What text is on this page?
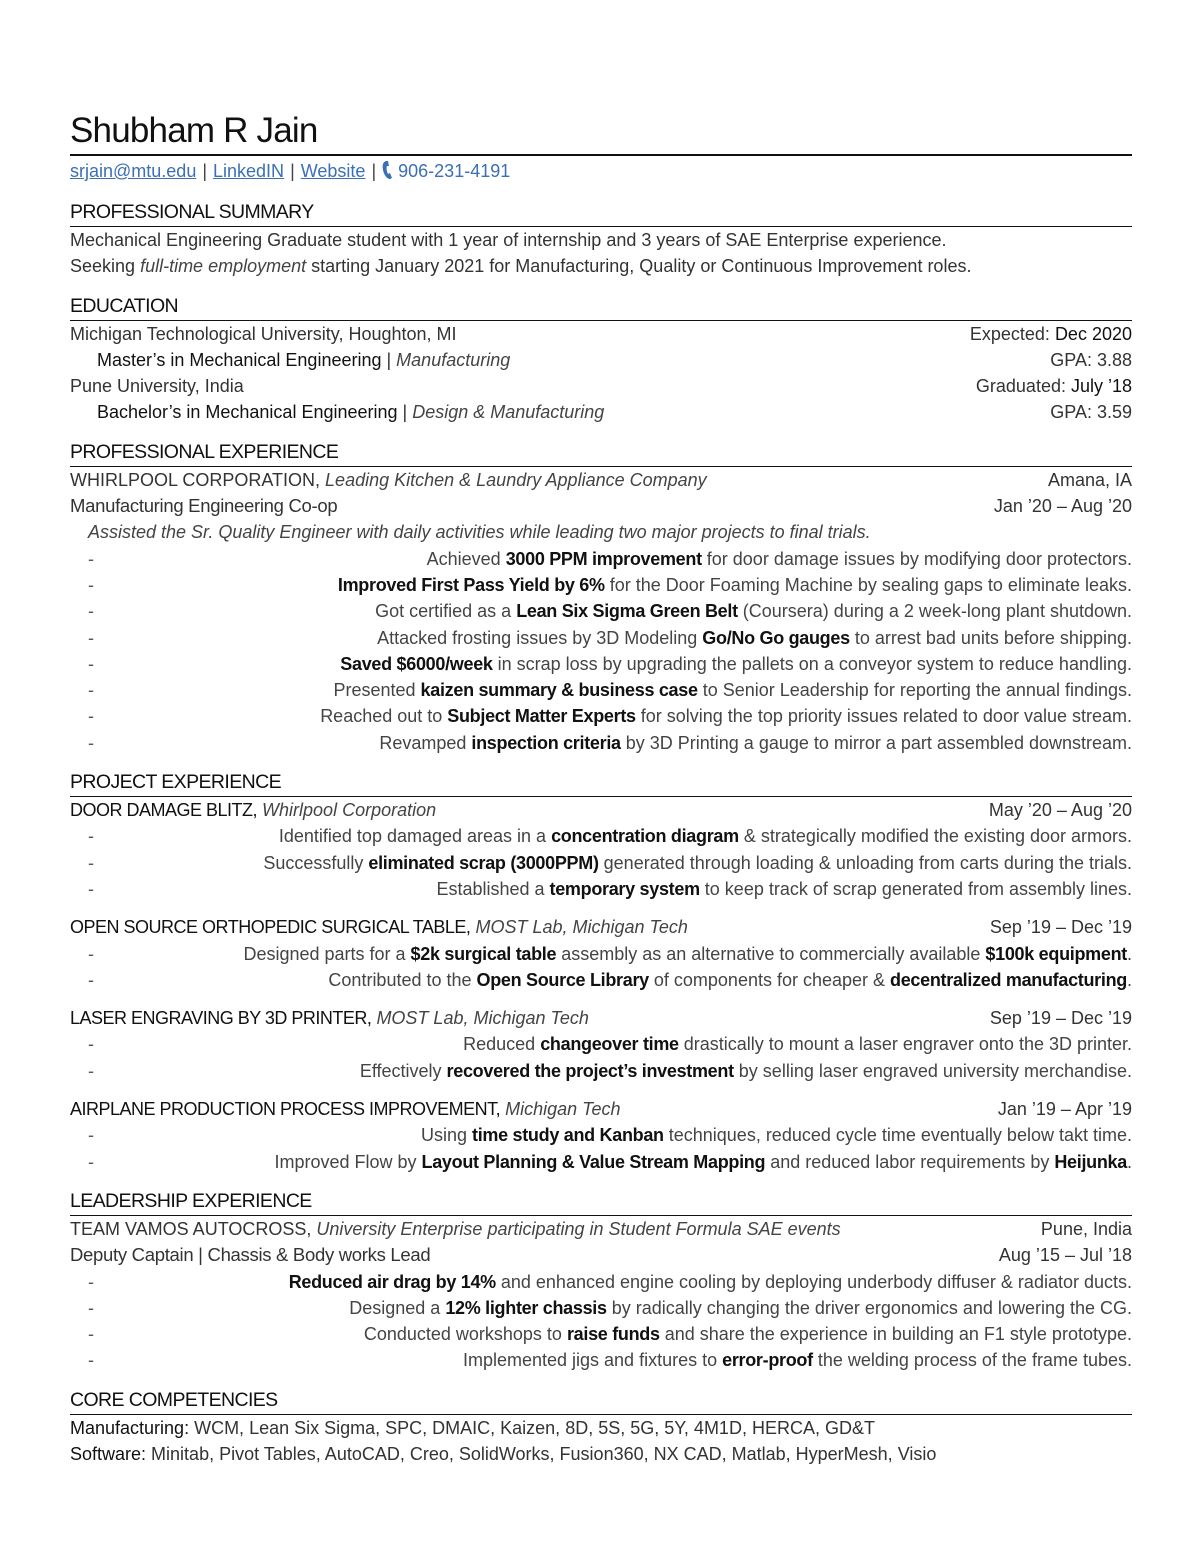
Shubham R Jain
srjain@mtu.edu | LinkedIN | Website | 906-231-4191
PROFESSIONAL SUMMARY
Mechanical Engineering Graduate student with 1 year of internship and 3 years of SAE Enterprise experience.
Seeking full-time employment starting January 2021 for Manufacturing, Quality or Continuous Improvement roles.
EDUCATION
Michigan Technological University, Houghton, MI	Expected: Dec 2020
Master’s in Mechanical Engineering | Manufacturing	GPA: 3.88
Pune University, India	Graduated: July ’18
Bachelor’s in Mechanical Engineering | Design & Manufacturing	GPA: 3.59
PROFESSIONAL EXPERIENCE
WHIRLPOOL CORPORATION, Leading Kitchen & Laundry Appliance Company	Amana, IA
Manufacturing Engineering Co-op	Jan ’20 – Aug ’20
Assisted the Sr. Quality Engineer with daily activities while leading two major projects to final trials.
-	Achieved 3000 PPM improvement for door damage issues by modifying door protectors.
-	Improved First Pass Yield by 6% for the Door Foaming Machine by sealing gaps to eliminate leaks.
-	Got certified as a Lean Six Sigma Green Belt (Coursera) during a 2 week-long plant shutdown.
-	Attacked frosting issues by 3D Modeling Go/No Go gauges to arrest bad units before shipping.
-	Saved $6000/week in scrap loss by upgrading the pallets on a conveyor system to reduce handling.
-	Presented kaizen summary & business case to Senior Leadership for reporting the annual findings.
-	Reached out to Subject Matter Experts for solving the top priority issues related to door value stream.
-	Revamped inspection criteria by 3D Printing a gauge to mirror a part assembled downstream.
PROJECT EXPERIENCE
DOOR DAMAGE BLITZ, Whirlpool Corporation	May ’20 – Aug ’20
-	Identified top damaged areas in a concentration diagram & strategically modified the existing door armors.
-	Successfully eliminated scrap (3000PPM) generated through loading & unloading from carts during the trials.
-	Established a temporary system to keep track of scrap generated from assembly lines.
OPEN SOURCE ORTHOPEDIC SURGICAL TABLE, MOST Lab, Michigan Tech	Sep ’19 – Dec ’19
-	Designed parts for a $2k surgical table assembly as an alternative to commercially available $100k equipment.
-	Contributed to the Open Source Library of components for cheaper & decentralized manufacturing.
LASER ENGRAVING BY 3D PRINTER, MOST Lab, Michigan Tech	Sep ’19 – Dec ’19
-	Reduced changeover time drastically to mount a laser engraver onto the 3D printer.
-	Effectively recovered the project’s investment by selling laser engraved university merchandise.
AIRPLANE PRODUCTION PROCESS IMPROVEMENT, Michigan Tech	Jan ’19 – Apr ’19
-	Using time study and Kanban techniques, reduced cycle time eventually below takt time.
-	Improved Flow by Layout Planning & Value Stream Mapping and reduced labor requirements by Heijunka.
LEADERSHIP EXPERIENCE
TEAM VAMOS AUTOCROSS, University Enterprise participating in Student Formula SAE events	Pune, India
Deputy Captain | Chassis & Body works Lead	Aug ’15 – Jul ’18
-	Reduced air drag by 14% and enhanced engine cooling by deploying underbody diffuser & radiator ducts.
-	Designed a 12% lighter chassis by radically changing the driver ergonomics and lowering the CG.
-	Conducted workshops to raise funds and share the experience in building an F1 style prototype.
-	Implemented jigs and fixtures to error-proof the welding process of the frame tubes.
CORE COMPETENCIES
Manufacturing: WCM, Lean Six Sigma, SPC, DMAIC, Kaizen, 8D, 5S, 5G, 5Y, 4M1D, HERCA, GD&T
Software: Minitab, Pivot Tables, AutoCAD, Creo, SolidWorks, Fusion360, NX CAD, Matlab, HyperMesh, Visio
